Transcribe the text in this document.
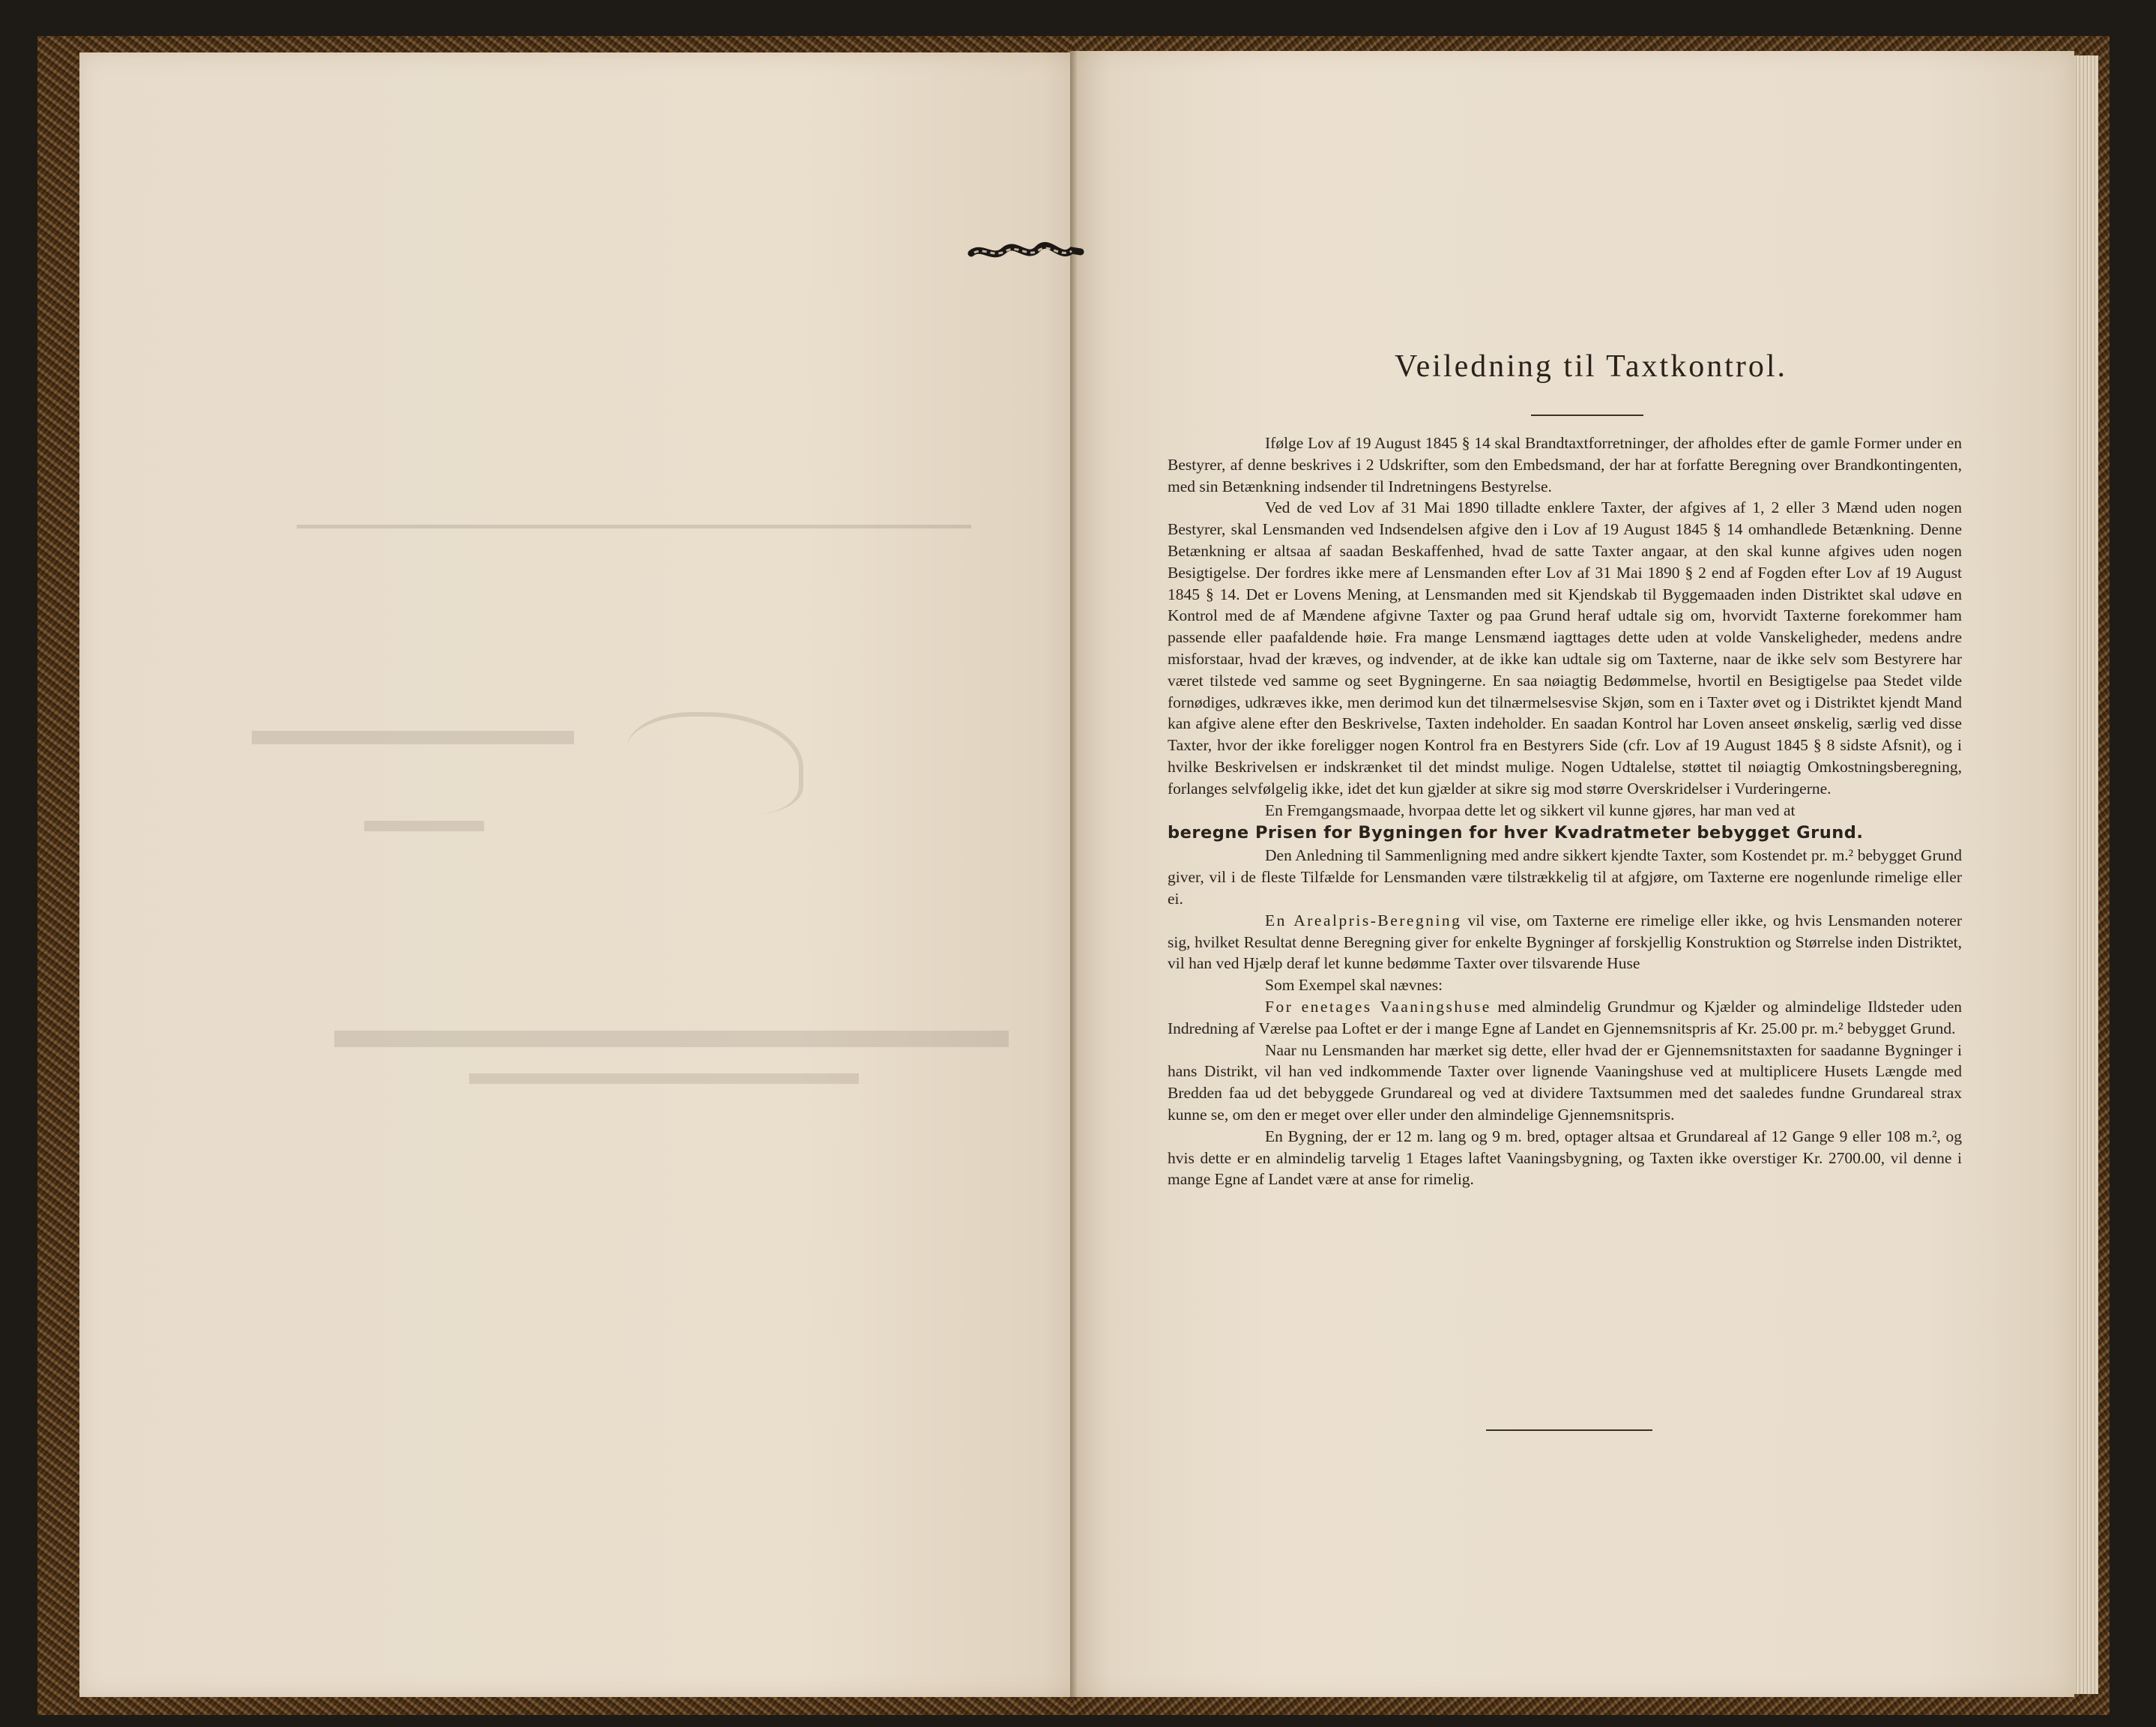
Veiledning til Taxtkontrol.

Ifølge Lov af 19 August 1845 § 14 skal Brandtaxtforretninger, der afholdes efter de gamle Former under en Bestyrer, af denne beskrives i 2 Udskrifter, som den Embedsmand, der har at forfatte Beregning over Brandkontingenten, med sin Betænkning indsender til Indretningens Bestyrelse.

Ved de ved Lov af 31 Mai 1890 tilladte enklere Taxter, der afgives af 1, 2 eller 3 Mænd uden nogen Bestyrer, skal Lensmanden ved Indsendelsen afgive den i Lov af 19 August 1845 § 14 omhandlede Betænkning. Denne Betænkning er altsaa af saadan Beskaffenhed, hvad de satte Taxter angaar, at den skal kunne afgives uden nogen Besigtigelse. Der fordres ikke mere af Lensmanden efter Lov af 31 Mai 1890 § 2 end af Fogden efter Lov af 19 August 1845 § 14. Det er Lovens Mening, at Lensmanden med sit Kjendskab til Byggemaaden inden Distriktet skal udøve en Kontrol med de af Mændene afgivne Taxter og paa Grund heraf udtale sig om, hvorvidt Taxterne forekommer ham passende eller paafaldende høie. Fra mange Lensmænd iagttages dette uden at volde Vanskeligheder, medens andre misforstaar, hvad der kræves, og indvender, at de ikke kan udtale sig om Taxterne, naar de ikke selv som Bestyrere har været tilstede ved sammе og seet Bygningerne. En saa nøiagtig Bedømmelse, hvortil en Besigtigelse paa Stedet vilde fornødiges, udkræves ikke, men derimod kun det tilnærmelsesvise Skjøn, som en i Taxter øvet og i Distriktet kjendt Mand kan afgive alene efter den Beskrivelse, Taxten indeholder. En saadan Kontrol har Loven anseet ønskelig, særlig ved disse Taxter, hvor der ikke foreligger nogen Kontrol fra en Bestyrers Side (cfr. Lov af 19 August 1845 § 8 sidste Afsnit), og i hvilke Beskrivelsen er indskrænket til det mindst mulige. Nogen Udtalelse, støttet til nøiagtig Omkostningsberegning, forlanges selvfølgelig ikke, idet det kun gjælder at sikre sig mod større Overskridelser i Vurderingerne.

En Fremgangsmaade, hvorpaa dette let og sikkert vil kunne gjøres, har man ved at

beregne Prisen for Bygningen for hver Kvadratmeter bebygget Grund.

Den Anledning til Sammenligning med andre sikkert kjendte Taxter, som Kostendet pr. m.² bebygget Grund giver, vil i de fleste Tilfælde for Lensmanden være tilstrækkelig til at afgjøre, om Taxterne ere nogenlunde rimelige eller ei.

En Arealpris-Beregning vil vise, om Taxterne ere rimelige eller ikke, og hvis Lensmanden noterer sig, hvilket Resultat denne Beregning giver for enkelte Bygninger af forskjellig Konstruktion og Størrelse inden Distriktet, vil han ved Hjælp deraf let kunne bedømme Taxter over tilsvarende Huse

Som Exempel skal nævnes:

For enetages Vaaningshuse med almindelig Grundmur og Kjælder og almindelige Ildsteder uden Indredning af Værelse paa Loftet er der i mange Egne af Landet en Gjennemsnitspris af Kr. 25.00 pr. m.² bebygget Grund.

Naar nu Lensmanden har mærket sig dette, eller hvad der er Gjennemsnitstaxten for saadanne Bygninger i hans Distrikt, vil han ved indkommende Taxter over lignende Vaaningshuse ved at multiplicere Husets Længde med Bredden faa ud det bebyggede Grundareal og ved at dividere Taxtsummen med det saaledes fundne Grundareal strax kunne se, om den er meget over eller under den almindelige Gjennemsnitspris.

En Bygning, der er 12 m. lang og 9 m. bred, optager altsaa et Grundareal af 12 Gange 9 eller 108 m.², og hvis dette er en almindelig tarvelig 1 Etages laftet Vaaningsbygning, og Taxten ikke overstiger Kr. 2700.00, vil denne i mange Egne af Landet være at anse for rimelig.
